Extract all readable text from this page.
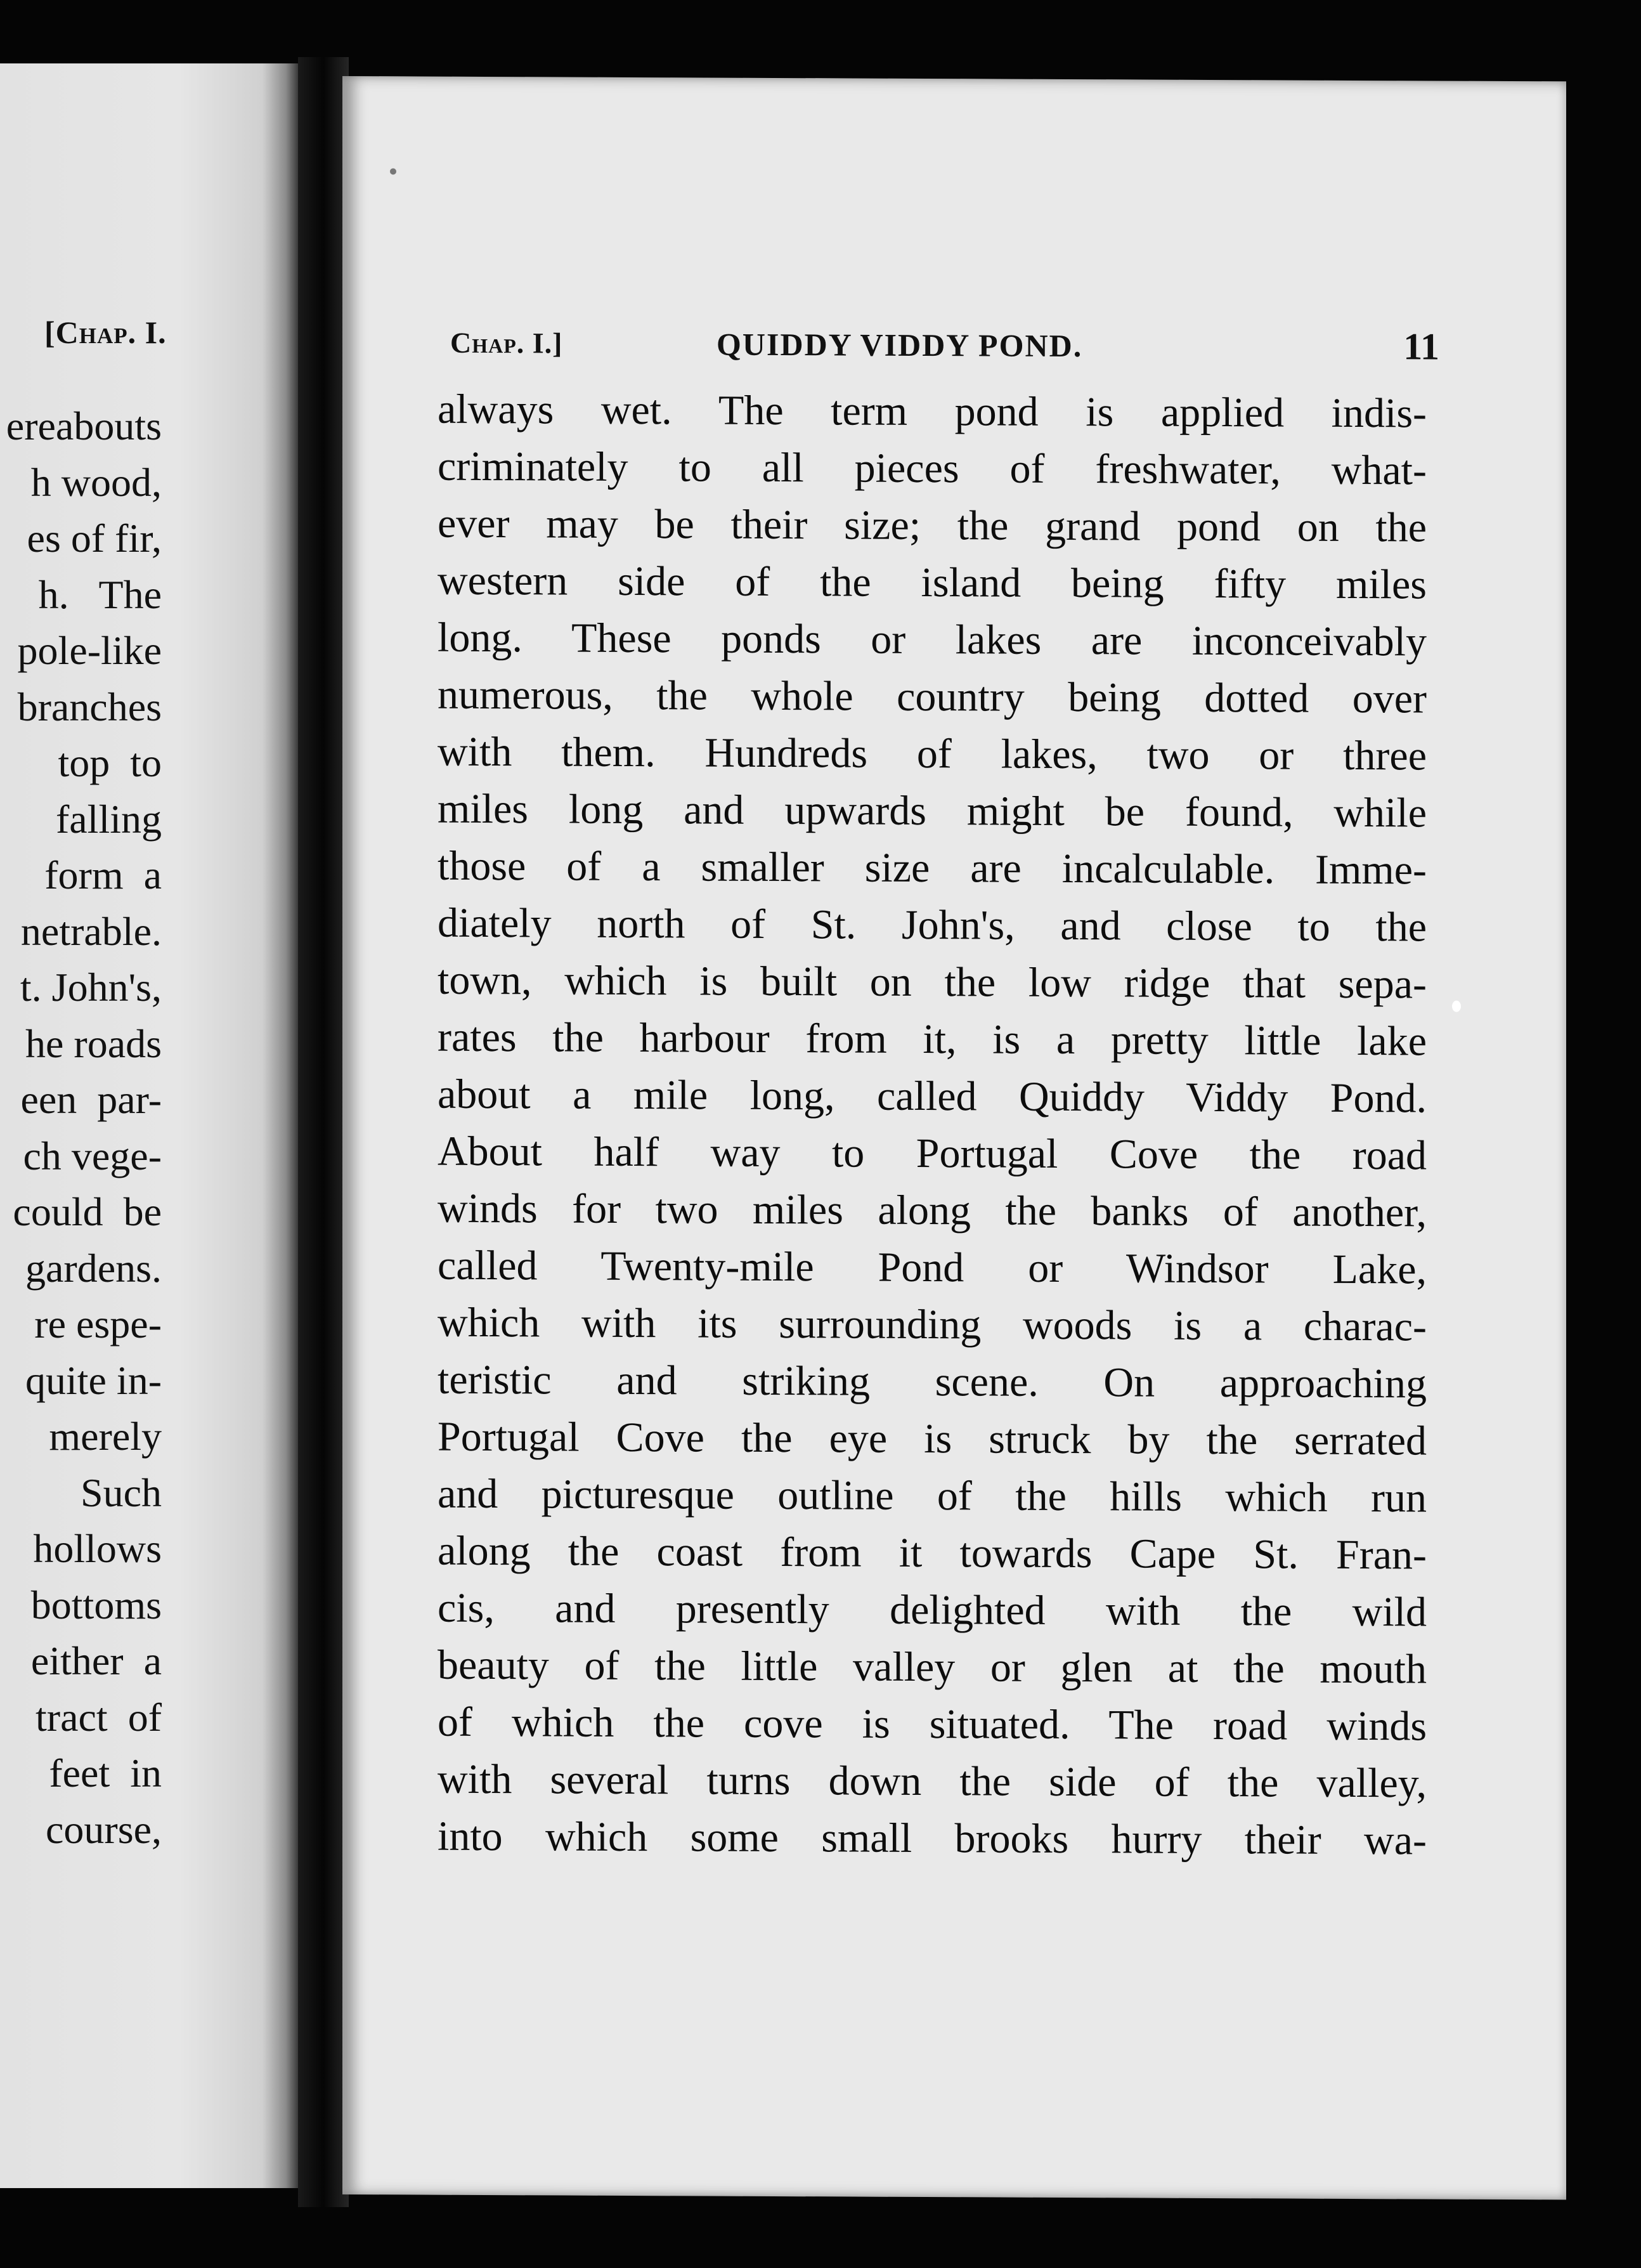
[Chap. I.
ereabouts
h wood,
es of fir,
h.   The
pole-like
branches
top  to
falling
form  a
netrable.
t. John's,
he roads
een  par-
ch vege-
could  be
gardens.
re espe-
quite in-
merely
Such
hollows
bottoms
either  a
tract  of
feet  in
course,
Chap. I.]	QUIDDY VIDDY POND.	11
always wet. The term pond is applied indis-
criminately to all pieces of freshwater, what-
ever may be their size; the grand pond on the
western side of the island being fifty miles
long. These ponds or lakes are inconceivably
numerous, the whole country being dotted over
with them. Hundreds of lakes, two or three
miles long and upwards might be found, while
those of a smaller size are incalculable. Imme-
diately north of St. John's, and close to the
town, which is built on the low ridge that sepa-
rates the harbour from it, is a pretty little lake
about a mile long, called Quiddy Viddy Pond.
About half way to Portugal Cove the road
winds for two miles along the banks of another,
called Twenty-mile Pond or Windsor Lake,
which with its surrounding woods is a charac-
teristic and striking scene. On approaching
Portugal Cove the eye is struck by the serrated
and picturesque outline of the hills which run
along the coast from it towards Cape St. Fran-
cis, and presently delighted with the wild
beauty of the little valley or glen at the mouth
of which the cove is situated. The road winds
with several turns down the side of the valley,
into which some small brooks hurry their wa-
